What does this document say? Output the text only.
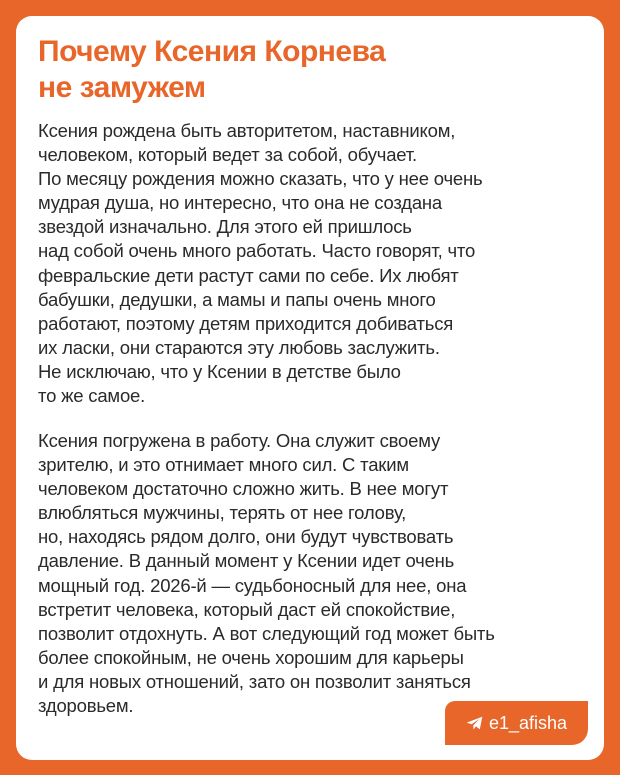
Почему Ксения Корнева
не замужем
Ксения рождена быть авторитетом, наставником,
человеком, который ведет за собой, обучает.
По месяцу рождения можно сказать, что у нее очень
мудрая душа, но интересно, что она не создана
звездой изначально. Для этого ей пришлось
над собой очень много работать. Часто говорят, что
февральские дети растут сами по себе. Их любят
бабушки, дедушки, а мамы и папы очень много
работают, поэтому детям приходится добиваться
их ласки, они стараются эту любовь заслужить.
Не исключаю, что у Ксении в детстве было
то же самое.
Ксения погружена в работу. Она служит своему
зрителю, и это отнимает много сил. С таким
человеком достаточно сложно жить. В нее могут
влюбляться мужчины, терять от нее голову,
но, находясь рядом долго, они будут чувствовать
давление. В данный момент у Ксении идет очень
мощный год. 2026-й — судьбоносный для нее, она
встретит человека, который даст ей спокойствие,
позволит отдохнуть. А вот следующий год может быть
более спокойным, не очень хорошим для карьеры
и для новых отношений, зато он позволит заняться
здоровьем.
e1_afisha
